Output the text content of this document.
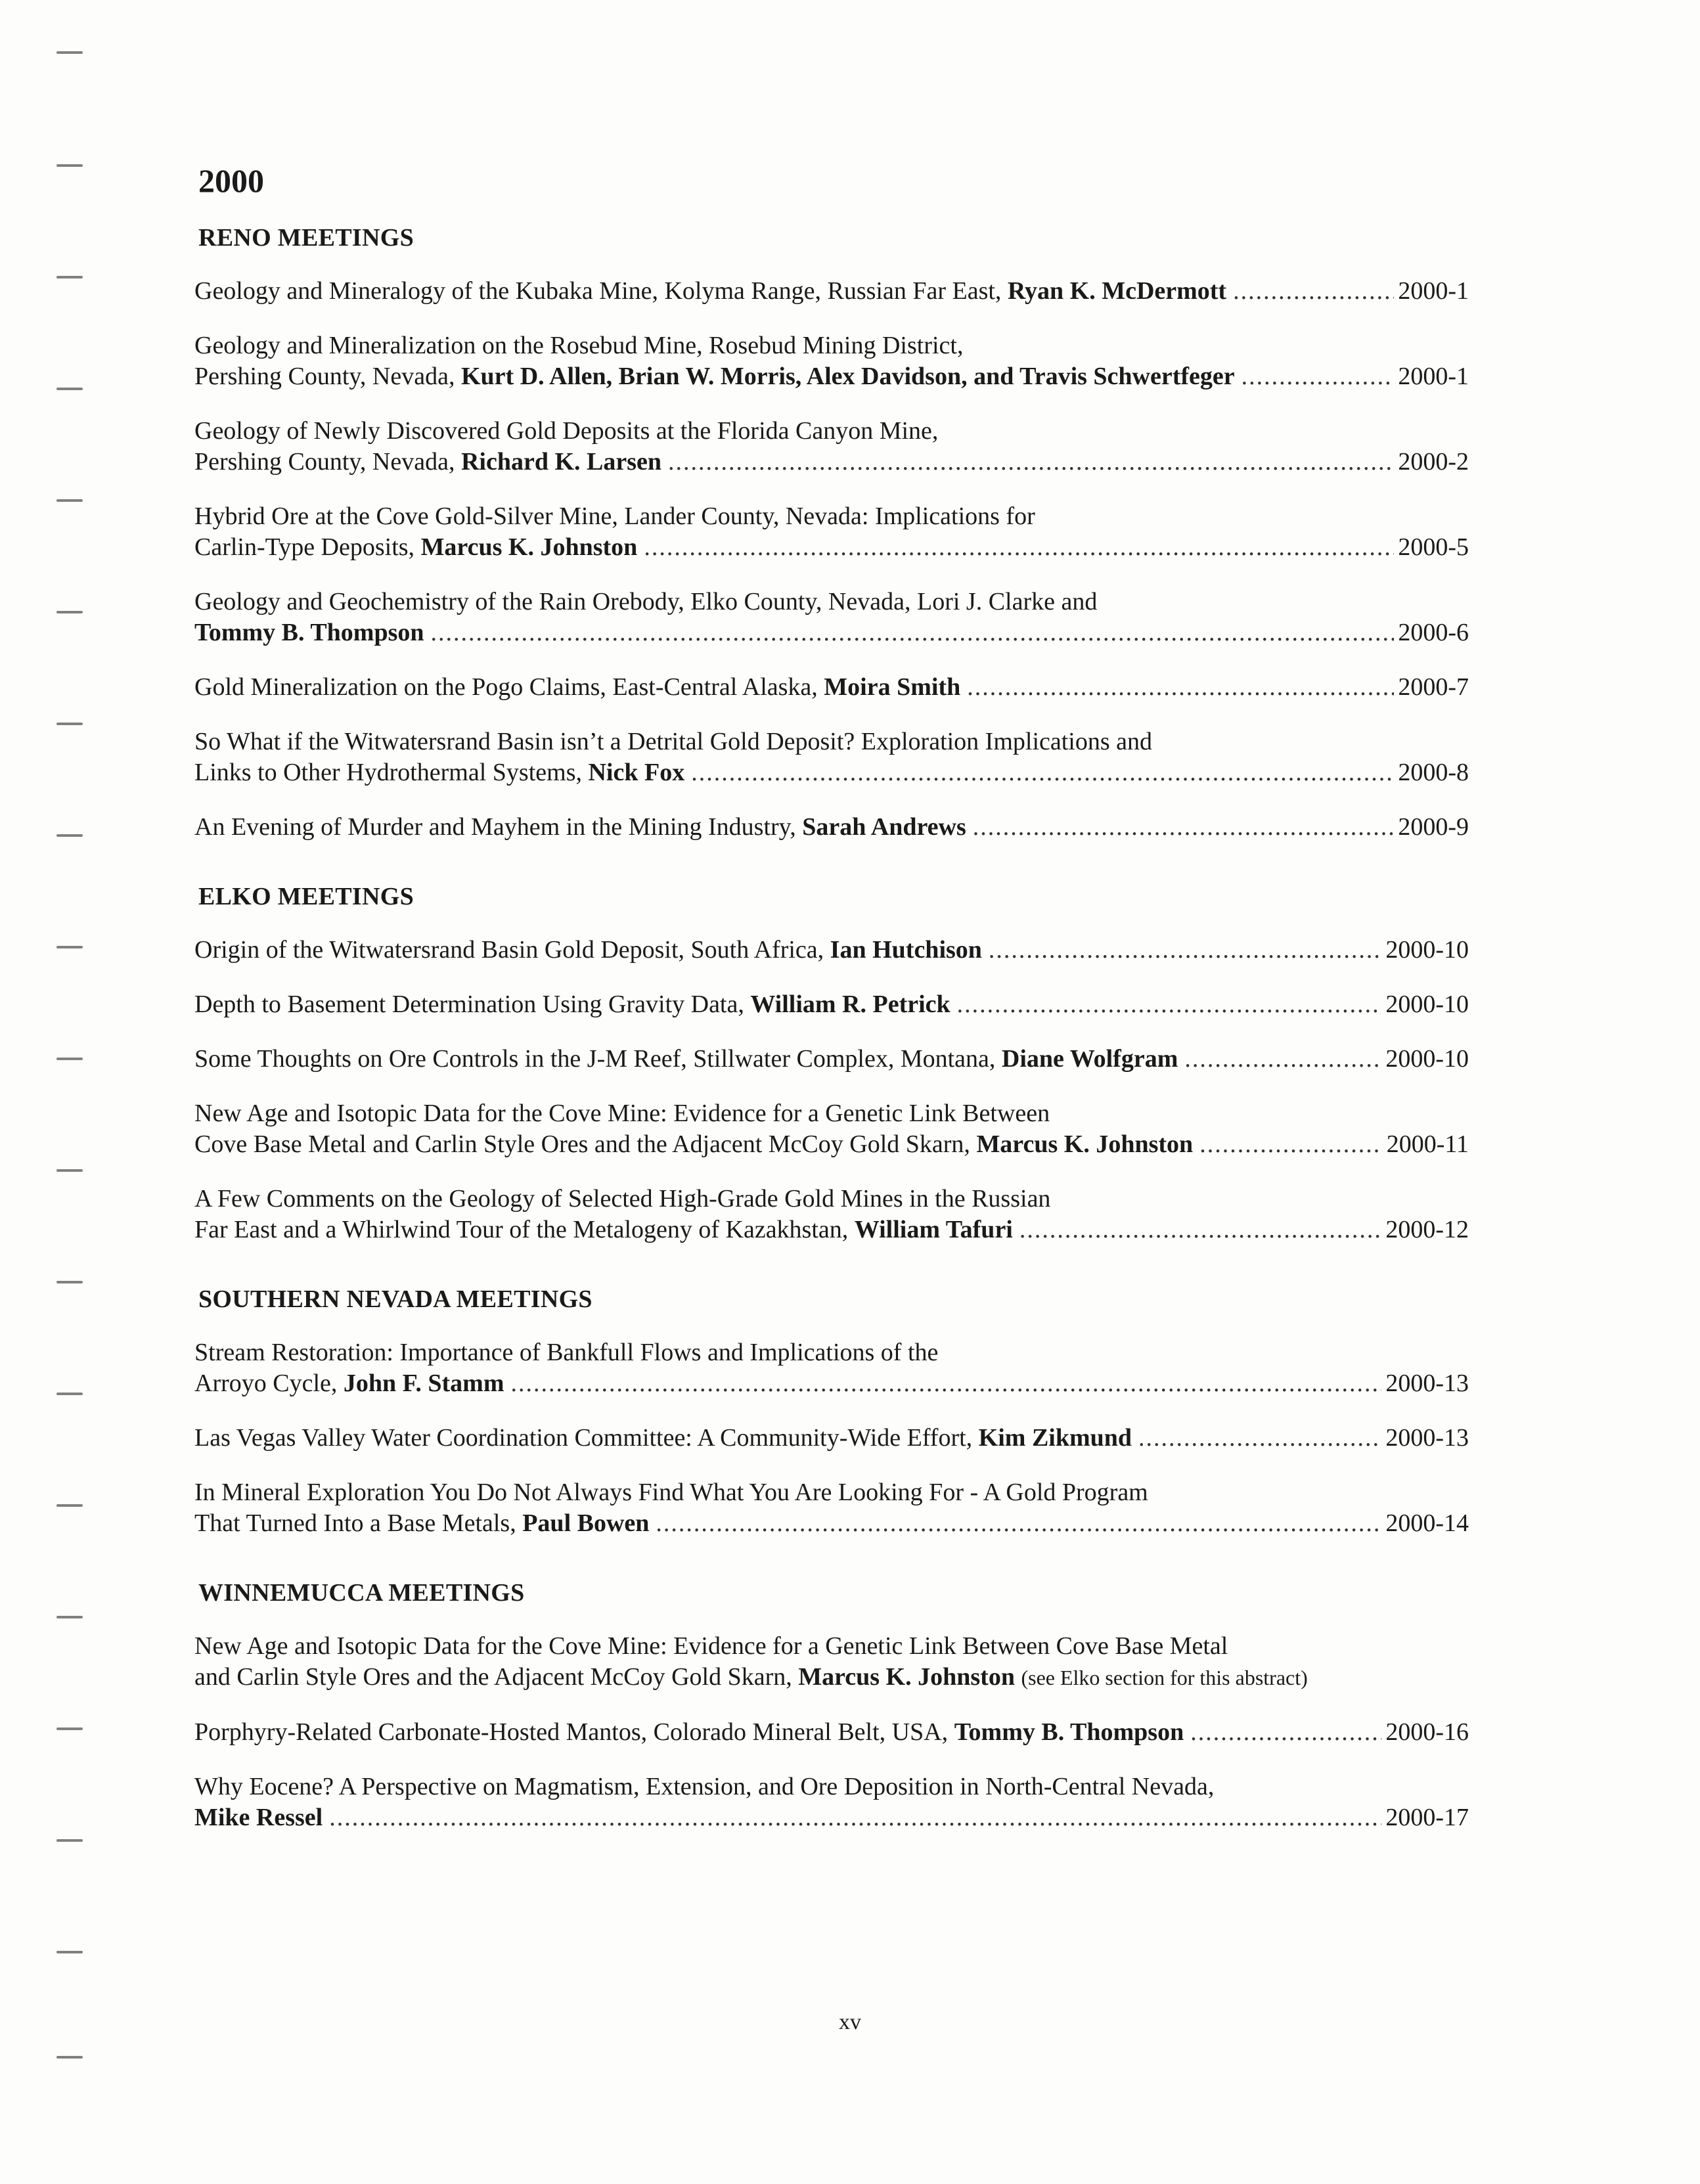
2000
RENO MEETINGS
Geology and Mineralogy of the Kubaka Mine, Kolyma Range, Russian Far East, Ryan K. McDermott .....	2000-1
Geology and Mineralization on the Rosebud Mine, Rosebud Mining District,
Pershing County, Nevada, Kurt D. Allen, Brian W. Morris, Alex Davidson, and Travis Schwertfeger .....	2000-1
Geology of Newly Discovered Gold Deposits at the Florida Canyon Mine,
Pershing County, Nevada, Richard K. Larsen .....	2000-2
Hybrid Ore at the Cove Gold-Silver Mine, Lander County, Nevada: Implications for
Carlin-Type Deposits, Marcus K. Johnston .....	2000-5
Geology and Geochemistry of the Rain Orebody, Elko County, Nevada, Lori J. Clarke and
Tommy B. Thompson .....	2000-6
Gold Mineralization on the Pogo Claims, East-Central Alaska, Moira Smith .....	2000-7
So What if the Witwatersrand Basin isn’t a Detrital Gold Deposit? Exploration Implications and
Links to Other Hydrothermal Systems, Nick Fox .....	2000-8
An Evening of Murder and Mayhem in the Mining Industry, Sarah Andrews .....	2000-9
ELKO MEETINGS
Origin of the Witwatersrand Basin Gold Deposit, South Africa, Ian Hutchison .....	2000-10
Depth to Basement Determination Using Gravity Data, William R. Petrick .....	2000-10
Some Thoughts on Ore Controls in the J-M Reef, Stillwater Complex, Montana, Diane Wolfgram .....	2000-10
New Age and Isotopic Data for the Cove Mine: Evidence for a Genetic Link Between
Cove Base Metal and Carlin Style Ores and the Adjacent McCoy Gold Skarn, Marcus K. Johnston .....	2000-11
A Few Comments on the Geology of Selected High-Grade Gold Mines in the Russian
Far East and a Whirlwind Tour of the Metalogeny of Kazakhstan, William Tafuri .....	2000-12
SOUTHERN NEVADA MEETINGS
Stream Restoration: Importance of Bankfull Flows and Implications of the
Arroyo Cycle, John F. Stamm .....	2000-13
Las Vegas Valley Water Coordination Committee: A Community-Wide Effort, Kim Zikmund .....	2000-13
In Mineral Exploration You Do Not Always Find What You Are Looking For - A Gold Program
That Turned Into a Base Metals, Paul Bowen .....	2000-14
WINNEMUCCA MEETINGS
New Age and Isotopic Data for the Cove Mine: Evidence for a Genetic Link Between Cove Base Metal
and Carlin Style Ores and the Adjacent McCoy Gold Skarn, Marcus K. Johnston (see Elko section for this abstract)
Porphyry-Related Carbonate-Hosted Mantos, Colorado Mineral Belt, USA, Tommy B. Thompson .....	2000-16
Why Eocene? A Perspective on Magmatism, Extension, and Ore Deposition in North-Central Nevada,
Mike Ressel .....	2000-17
xv
